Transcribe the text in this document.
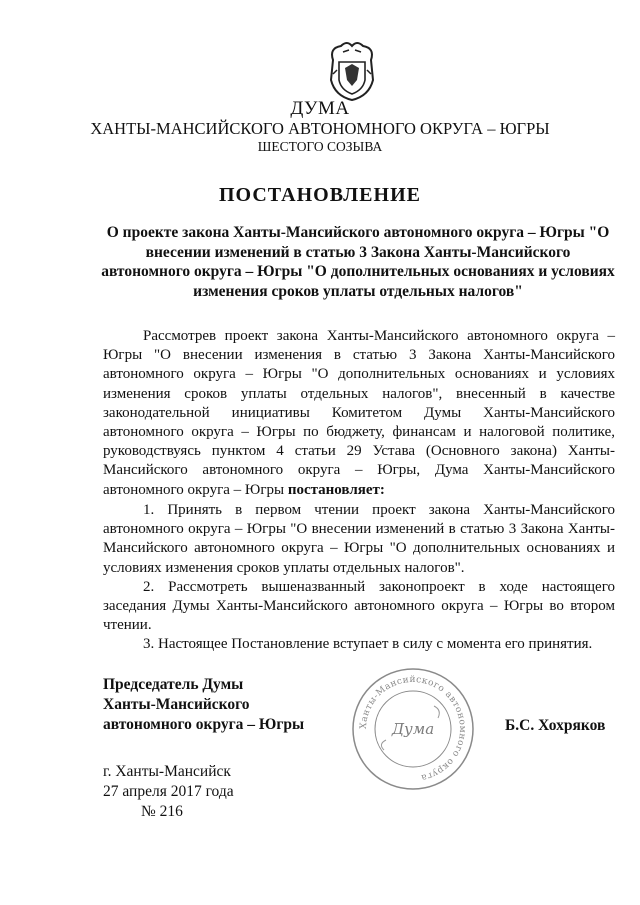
ДУМА
ХАНТЫ-МАНСИЙСКОГО АВТОНОМНОГО ОКРУГА – ЮГРЫ
ШЕСТОГО СОЗЫВА
ПОСТАНОВЛЕНИЕ
О проекте закона Ханты-Мансийского автономного округа – Югры "О внесении изменений в статью 3 Закона Ханты-Мансийского автономного округа – Югры "О дополнительных основаниях и условиях изменения сроков уплаты отдельных налогов"
Рассмотрев проект закона Ханты-Мансийского автономного округа – Югры "О внесении изменения в статью 3 Закона Ханты-Мансийского автономного округа – Югры "О дополнительных основаниях и условиях изменения сроков уплаты отдельных налогов", внесенный в качестве законодательной инициативы Комитетом Думы Ханты-Мансийского автономного округа – Югры по бюджету, финансам и налоговой политике, руководствуясь пунктом 4 статьи 29 Устава (Основного закона) Ханты-Мансийского автономного округа – Югры, Дума Ханты-Мансийского автономного округа – Югры постановляет:

1. Принять в первом чтении проект закона Ханты-Мансийского автономного округа – Югры "О внесении изменений в статью 3 Закона Ханты-Мансийского автономного округа – Югры "О дополнительных основаниях и условиях изменения сроков уплаты отдельных налогов".

2. Рассмотреть вышеназванный законопроект в ходе настоящего заседания Думы Ханты-Мансийского автономного округа – Югры во втором чтении.

3. Настоящее Постановление вступает в силу с момента его принятия.

Председатель Думы
Ханты-Мансийского
автономного округа – Югры	Ханты-Мансийского автономного округа
Дума	Б.С. Хохряков
г. Ханты-Мансийск
27 апреля 2017 года
№ 216
